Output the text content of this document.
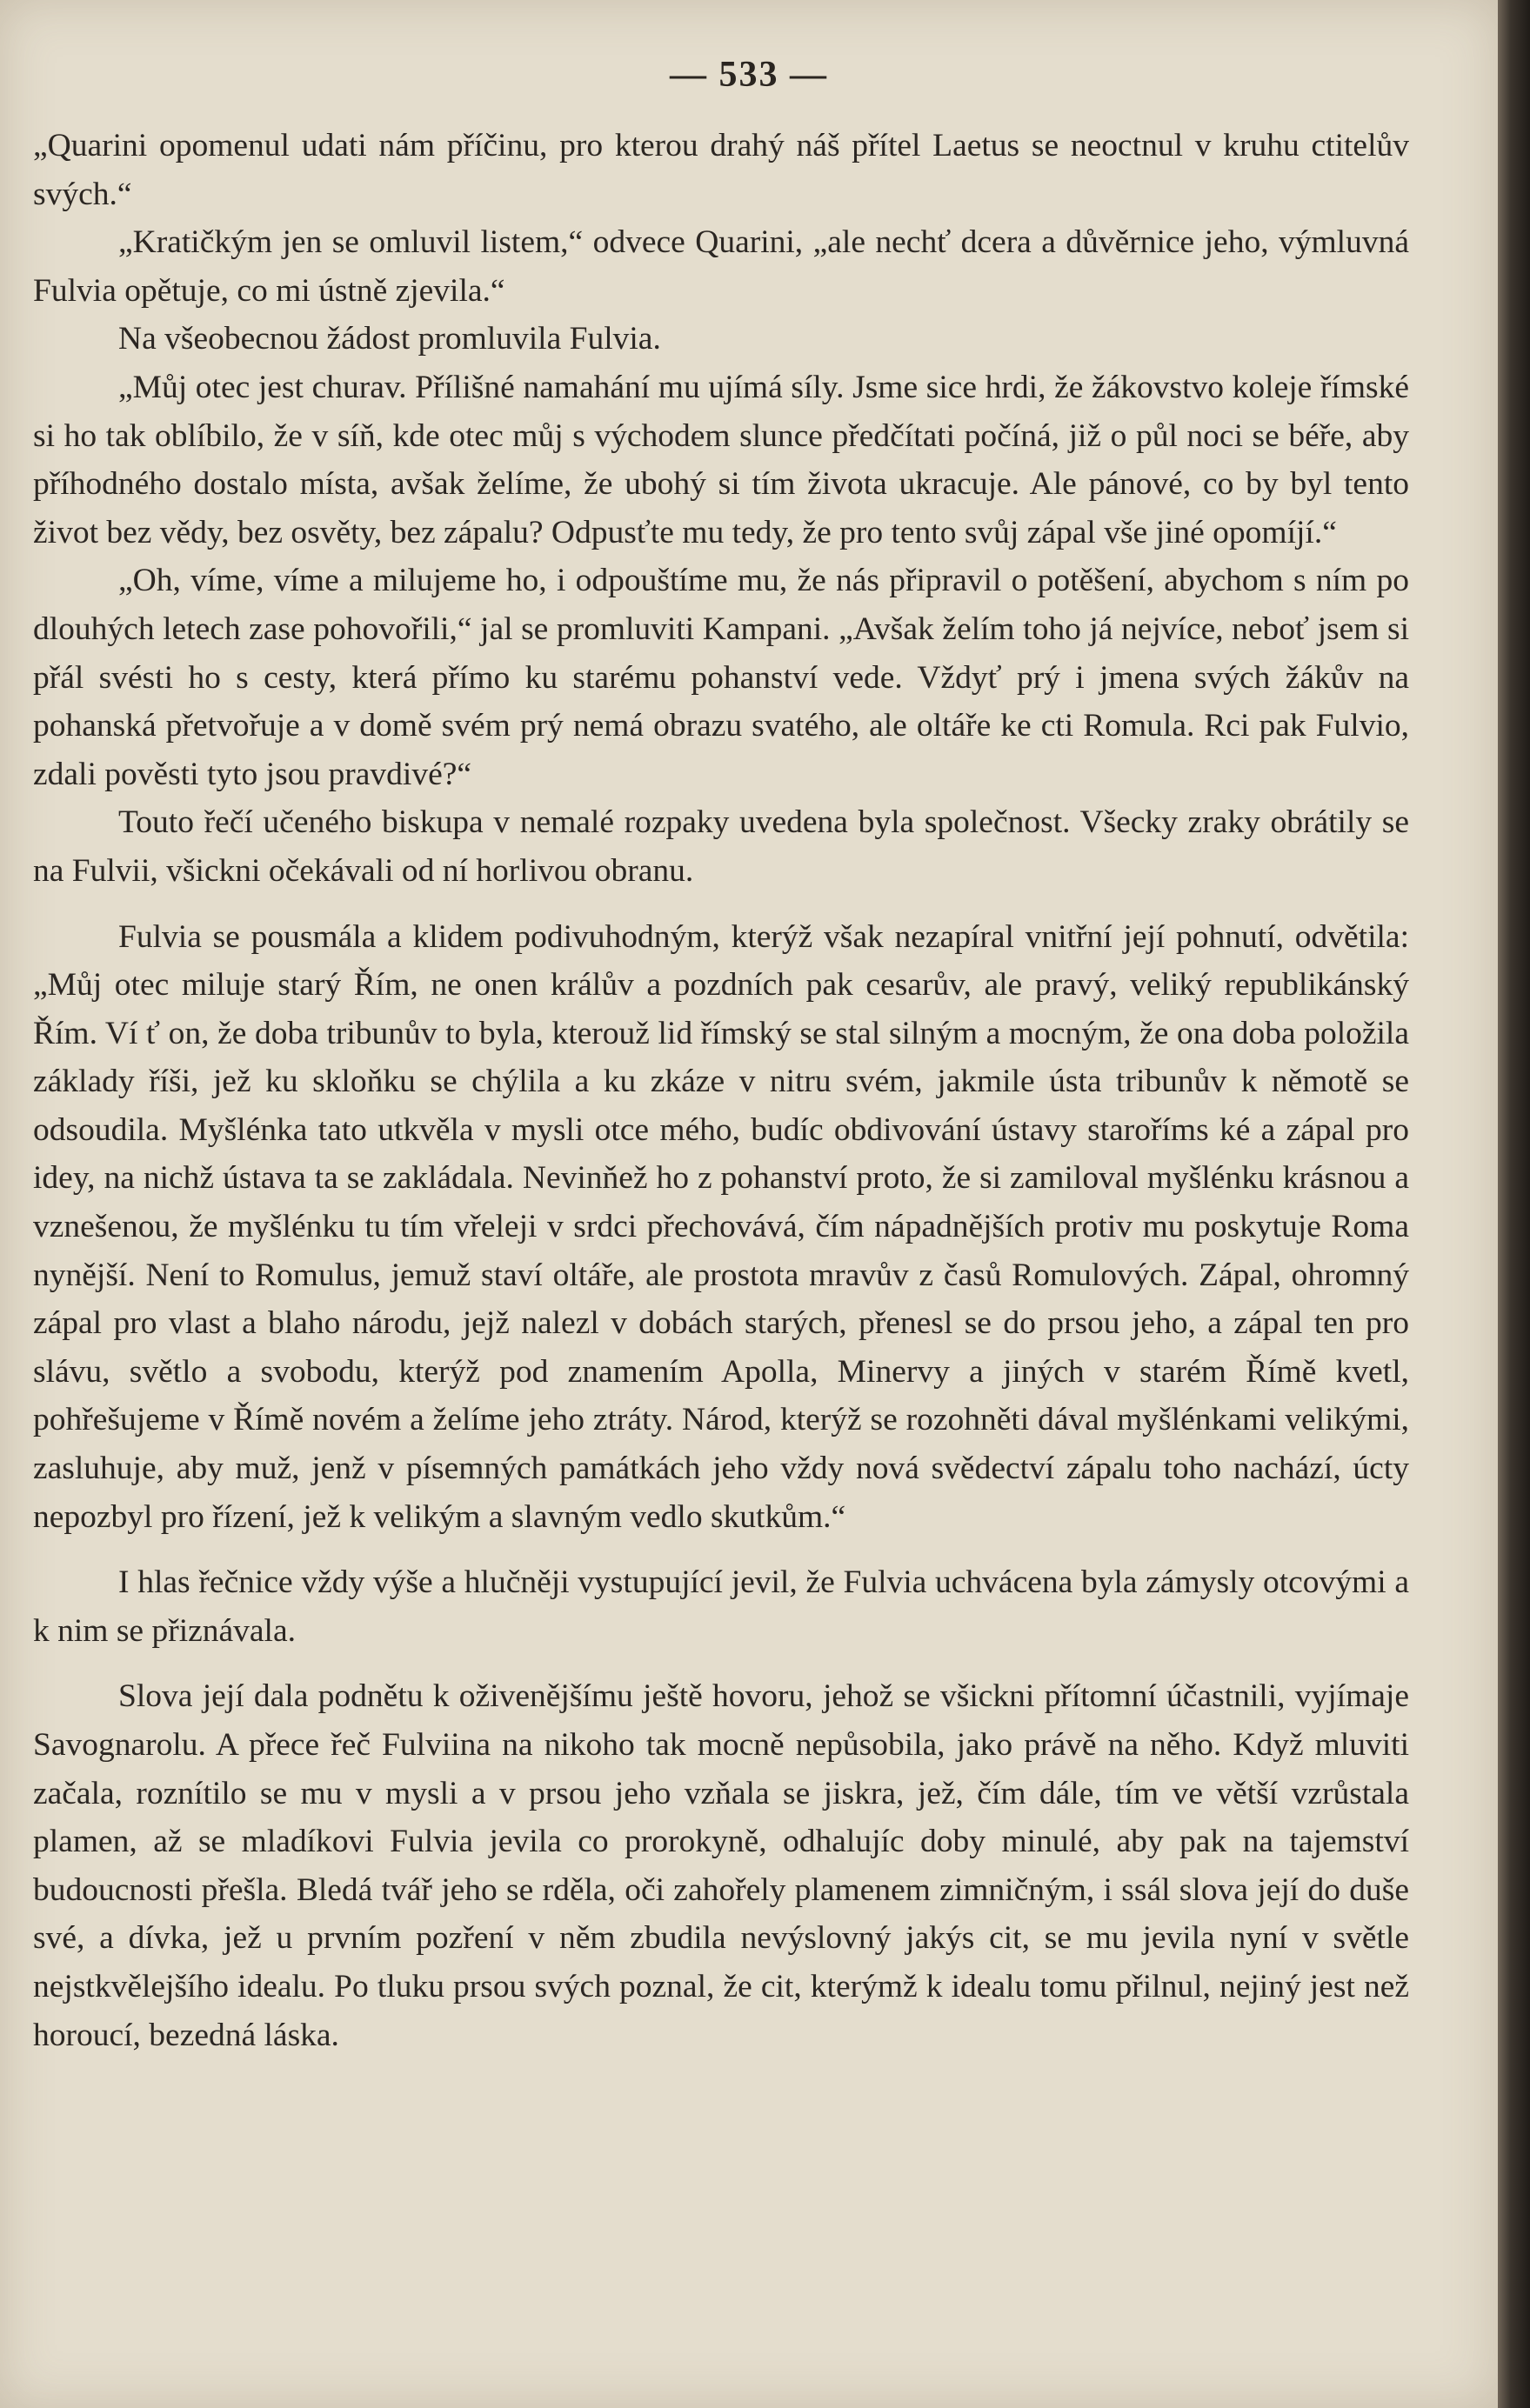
— 533 —

„Quarini opomenul udati nám příčinu, pro kterou drahý náš přítel Laetus se neoctnul v kruhu ctitelův svých.“

„Kratičkým jen se omluvil listem,“ odvece Quarini, „ale nechť dcera a důvěrnice jeho, výmluvná Fulvia opětuje, co mi ústně zjevila.“

Na všeobecnou žádost promluvila Fulvia.

„Můj otec jest churav. Přílišné namahání mu ujímá síly. Jsme sice hrdi, že žákovstvo koleje římské si ho tak oblíbilo, že v síň, kde otec můj s východem slunce předčítati počíná, již o půl noci se béře, aby příhodného dostalo místa, avšak želíme, že ubohý si tím života ukracuje. Ale pánové, co by byl tento život bez vědy, bez osvěty, bez zápalu? Odpusťte mu tedy, že pro tento svůj zápal vše jiné opomíjí.“

„Oh, víme, víme a milujeme ho, i odpouštíme mu, že nás připravil o potěšení, abychom s ním po dlouhých letech zase pohovořili,“ jal se promluviti Kampani. „Avšak želím toho já nejvíce, neboť jsem si přál svésti ho s cesty, která přímo ku starému pohanství vede. Vždyť prý i jmena svých žákův na pohanská přetvořuje a v domě svém prý nemá obrazu svatého, ale oltáře ke cti Romula. Rci pak Fulvio, zdali pověsti tyto jsou pravdivé?“

Touto řečí učeného biskupa v nemalé rozpaky uvedena byla společnost. Všecky zraky obrátily se na Fulvii, všickni očekávali od ní horlivou obranu.

Fulvia se pousmála a klidem podivuhodným, kterýž však nezapíral vnitřní její pohnutí, odvětila: „Můj otec miluje starý Řím, ne onen králův a pozdních pak cesarův, ale pravý, veliký republikánský Řím. Ví ť on, že doba tribunův to byla, kterouž lid římský se stal silným a mocným, že ona doba položila základy říši, jež ku skloňku se chýlila a ku zkáze v nitru svém, jakmile ústa tribunův k němotě se odsoudila. Myšlénka tato utkvěla v mysli otce mého, budíc obdivování ústavy staroříms ké a zápal pro idey, na nichž ústava ta se zakládala. Nevinňež ho z pohanství proto, že si zamiloval myšlénku krásnou a vznešenou, že myšlénku tu tím vřeleji v srdci přechovává, čím nápadnějších protiv mu poskytuje Roma nynější. Není to Romulus, jemuž staví oltáře, ale prostota mravův z časů Romulových. Zápal, ohromný zápal pro vlast a blaho národu, jejž nalezl v dobách starých, přenesl se do prsou jeho, a zápal ten pro slávu, světlo a svobodu, kterýž pod znamením Apolla, Minervy a jiných v starém Římě kvetl, pohřešujeme v Římě novém a želíme jeho ztráty. Národ, kterýž se rozohněti dával myšlénkami velikými, zasluhuje, aby muž, jenž v písemných památkách jeho vždy nová svědectví zápalu toho nachází, úcty nepozbyl pro řízení, jež k velikým a slavným vedlo skutkům.“

I hlas řečnice vždy výše a hlučněji vystupující jevil, že Fulvia uchvácena byla zámysly otcovými a k nim se přiznávala.

Slova její dala podnětu k oživenějšímu ještě hovoru, jehož se všickni přítomní účastnili, vyjímaje Savognarolu. A přece řeč Fulviina na nikoho tak mocně nepůsobila, jako právě na něho. Když mluviti začala, roznítilo se mu v mysli a v prsou jeho vzňala se jiskra, jež, čím dále, tím ve větší vzrůstala plamen, až se mladíkovi Fulvia jevila co prorokyně, odhalujíc doby minulé, aby pak na tajemství budoucnosti přešla. Bledá tvář jeho se rděla, oči zahořely plamenem zimničným, i ssál slova její do duše své, a dívka, jež u prvním pozření v něm zbudila nevýslovný jakýs cit, se mu jevila nyní v světle nejstkvělejšího idealu. Po tluku prsou svých poznal, že cit, kterýmž k idealu tomu přilnul, nejiný jest než horoucí, bezedná láska.
